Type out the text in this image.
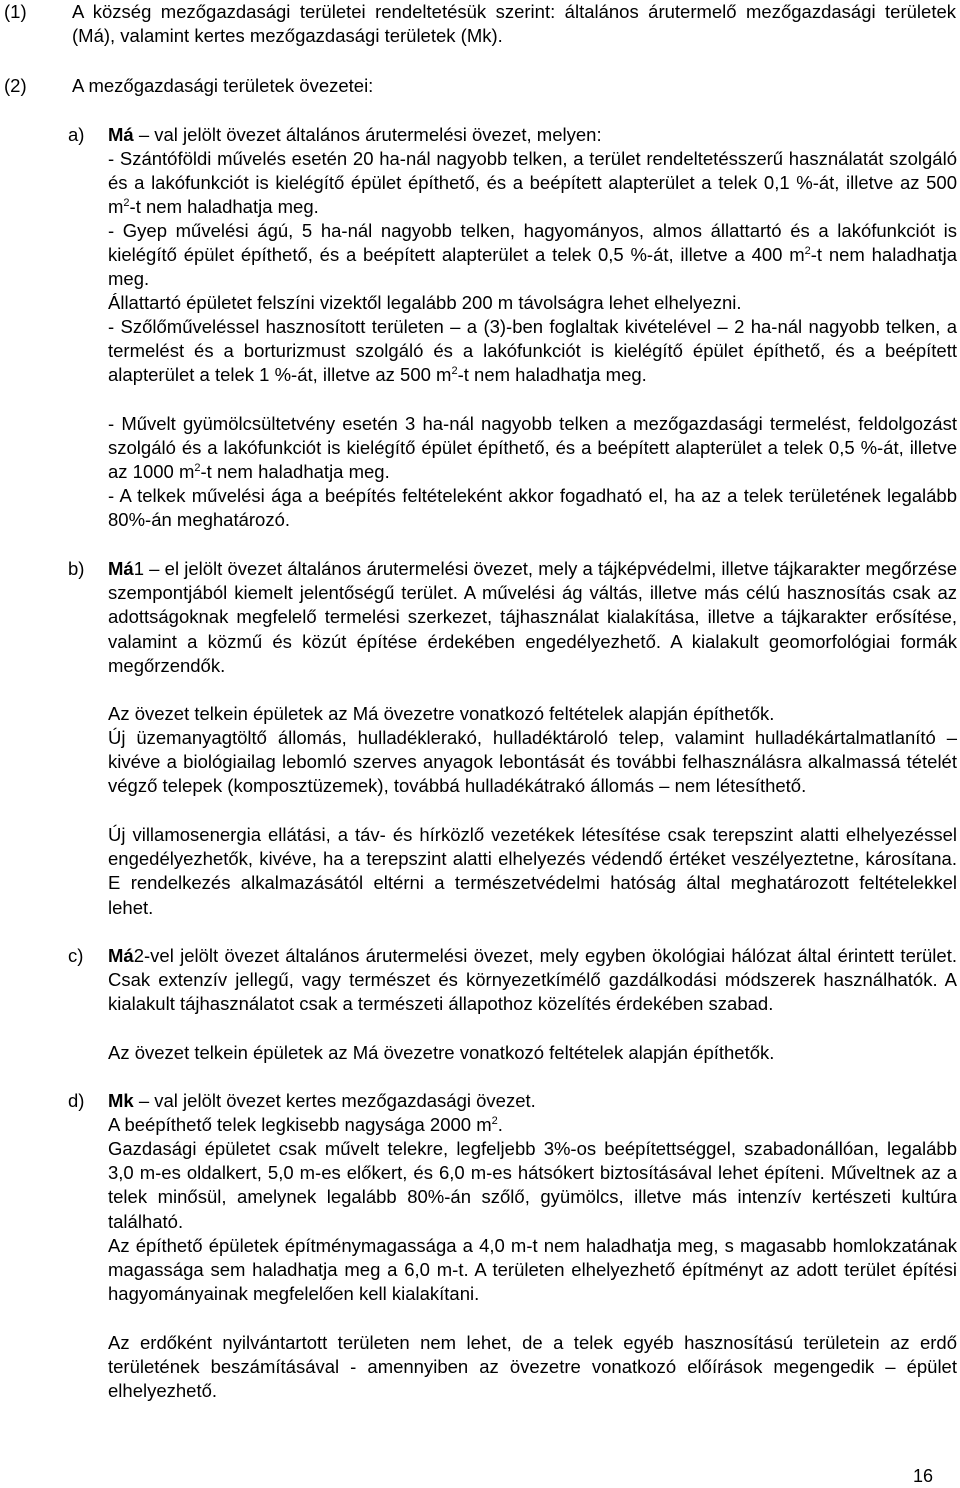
(1) A község mezőgazdasági területei rendeltetésük szerint: általános árutermelő mezőgazdasági területek (Má), valamint kertes mezőgazdasági területek (Mk).

(2) A mezőgazdasági területek övezetei:

a) Má – val jelölt övezet általános árutermelési övezet, melyen:

- Szántóföldi művelés esetén 20 ha-nál nagyobb telken, a terület rendeltetésszerű használatát szolgáló és a lakófunkciót is kielégítő épület építhető, és a beépített alapterület a telek 0,1 %-át, illetve az 500 $m^2-t$ nem haladhatja meg.

- Gyep művelési ágú, 5 ha-nál nagyobb telken, hagyományos, almos állattartó és a lakófunkciót is kielégítő épület építhető, és a beépített alapterület a telek 0,5 %-át, illetve a 400 $m^2-t$ nem haladhatja meg.

Állattartó épületet felszíni vizektől legalább 200 m távolságra lehet elhelyezni.

- Szőlőműveléssel hasznosított területen – a (3)-ben foglaltak kivételével – 2 ha-nál nagyobb telken, a termelést és a borturizmust szolgáló és a lakófunkciót is kielégítő épület építhető, és a beépített alapterület a telek 1 %-át, illetve az 500 $m^2-t$ nem haladhatja meg.

- Művelt gyümölcsültetvény esetén 3 ha-nál nagyobb telken a mezőgazdasági termelést, feldolgozást szolgáló és a lakófunkciót is kielégítő épület építhető, és a beépített alapterület a telek 0,5 %-át, illetve az 1000 $m^2-t$ nem haladhatja meg.

- A telkek művelési ága a beépítés feltételeként akkor fogadható el, ha az a telek területének legalább 80%-án meghatározó.

b) Má1 – el jelölt övezet általános árutermelési övezet, mely a tájképvédelmi, illetve tájkarakter megőrzése szempontjából kiemelt jelentőségű terület. A művelési ág váltás, illetve más célú hasznosítás csak az adottságoknak megfelelő termelési szerkezet, tájhasználat kialakítása, illetve a tájkarakter erősítése, valamint a közmű és közút építése érdekében engedélyezhető. A kialakult geomorfológiai formák megőrzendők.

Az övezet telkein épületek az Má övezetre vonatkozó feltételek alapján építhetők.

Új üzemanyagtöltő állomás, hulladéklerakó, hulladéktároló telep, valamint hulladékártalmatlanító – kivéve a biológiailag lebomló szerves anyagok lebontását és további felhasználásra alkalmassá tételét végző telepek (komposztüzemek), továbbá hulladékátrakó állomás – nem létesíthető.

Új villamosenergia ellátási, a táv- és hírközlő vezetékek létesítése csak terepszint alatti elhelyezéssel engedélyezhetők, kivéve, ha a terepszint alatti elhelyezés védendő értéket veszélyeztetne, károsítana. E rendelkezés alkalmazásától eltérni a természetvédelmi hatóság által meghatározott feltételekkel lehet.

c) Má2-vel jelölt övezet általános árutermelési övezet, mely egyben ökológiai hálózat által érintett terület. Csak extenzív jellegű, vagy természet és környezetkímélő gazdálkodási módszerek használhatók. A kialakult tájhasználatot csak a természeti állapothoz közelítés érdekében szabad.

Az övezet telkein épületek az Má övezetre vonatkozó feltételek alapján építhetők.

d) Mk – val jelölt övezet kertes mezőgazdasági övezet.

A beépíthető telek legkisebb nagysága 2000 $m^2$.

Gazdasági épületet csak művelt telekre, legfeljebb 3%-os beépítettséggel, szabadonállóan, legalább 3,0 m-es oldalkert, 5,0 m-es előkert, és 6,0 m-es hátsókert biztosításával lehet építeni. Műveltnek az a telek minősül, amelynek legalább 80%-án szőlő, gyümölcs, illetve más intenzív kertészeti kultúra található.

Az építhető épületek építménymagassága a 4,0 m-t nem haladhatja meg, s magasabb homlokzatának magassága sem haladhatja meg a 6,0 m-t. A területen elhelyezhető építményt az adott terület építési hagyományainak megfelelően kell kialakítani.

Az erdőként nyilvántartott területen nem lehet, de a telek egyéb hasznosítású területein az erdő területének beszámításával - amennyiben az övezetre vonatkozó előírások megengedik – épület elhelyezhető.

16
